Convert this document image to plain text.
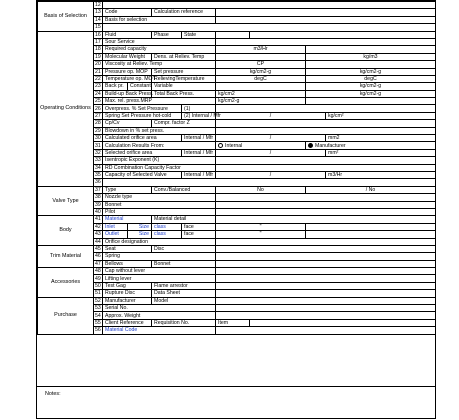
Basis of Selection	12									
	13	Code		Calculation reference						
	14	Basis for selection								
	15									
Operating Conditions	16	Fluid		Phase	State					
	17	Sour Service								
	18	Required capacity				m3/Hr				
	19	Molecular Weight		Dens. at Reliev. Temp				kg/m3		
	20	Viscosity at Reliev. Temp				CP				
	21	Pressure op. MOP		Set pressure		kg/cm2-g		kg/cm2-g		
	22	Temperature op. MOT		RelievingTemperature		degC		degC		
	23	Back pr.	Constant	Variable				kg/cm2-g		
	24	Build-up Back Press.		Total Back Press.		kg/cm2		kg/cm2-g		
	25	Max. rel. press.MRP				kg/cm2-g				
	26	Overpress. % Set Pressure			(1)					
	27	Spring Set Pressure hot-cold			(2) Internal / Mfr	/			kg/cm²	
	28	Cp/Cv		Compr. factor Z						
	29	Blowdown in % set press.								
	30	Calculated orifice area			Internal / Mfr	/			mm2	
	31	Calculation Results From:				Internal		Manufacturer	
	32	Selected orifice area			Internal / Mfr	/			mm²	
	33	Isentropic Exponent (K)								
	34	RD Combination Capacity Factor								
	35	Capacity of Selected Valve			Internal / Mfr	/			m3/Hr	
	36									
Valve Type	37	Type		Conv./Balanced		No		/ No		
	38	Nozzle type								
	39	Bonnet								
	40	Pilot								
Body	41	Material		Material detail						
	42	Inlet	Size	class	face	"				
	43	Outlet	Size	class	face	"				
	44	Orifice designation								
Trim Material	45	Seat		Disc						
	46	Spring								
	47	Bellows		Bonnet						
Accessories	48	Cap without lever								
	49	Lifting lever								
	50	Test Gag		Flame arrestor						
	51	Rupture Disc		Data Sheet						
Purchase	52	Manufacturer		Model						
	53	Serial No.								
	54	Approx. Weight								
	55	Client Reference		Requisition No.		Item				
	56	Material Code								
Notes:
